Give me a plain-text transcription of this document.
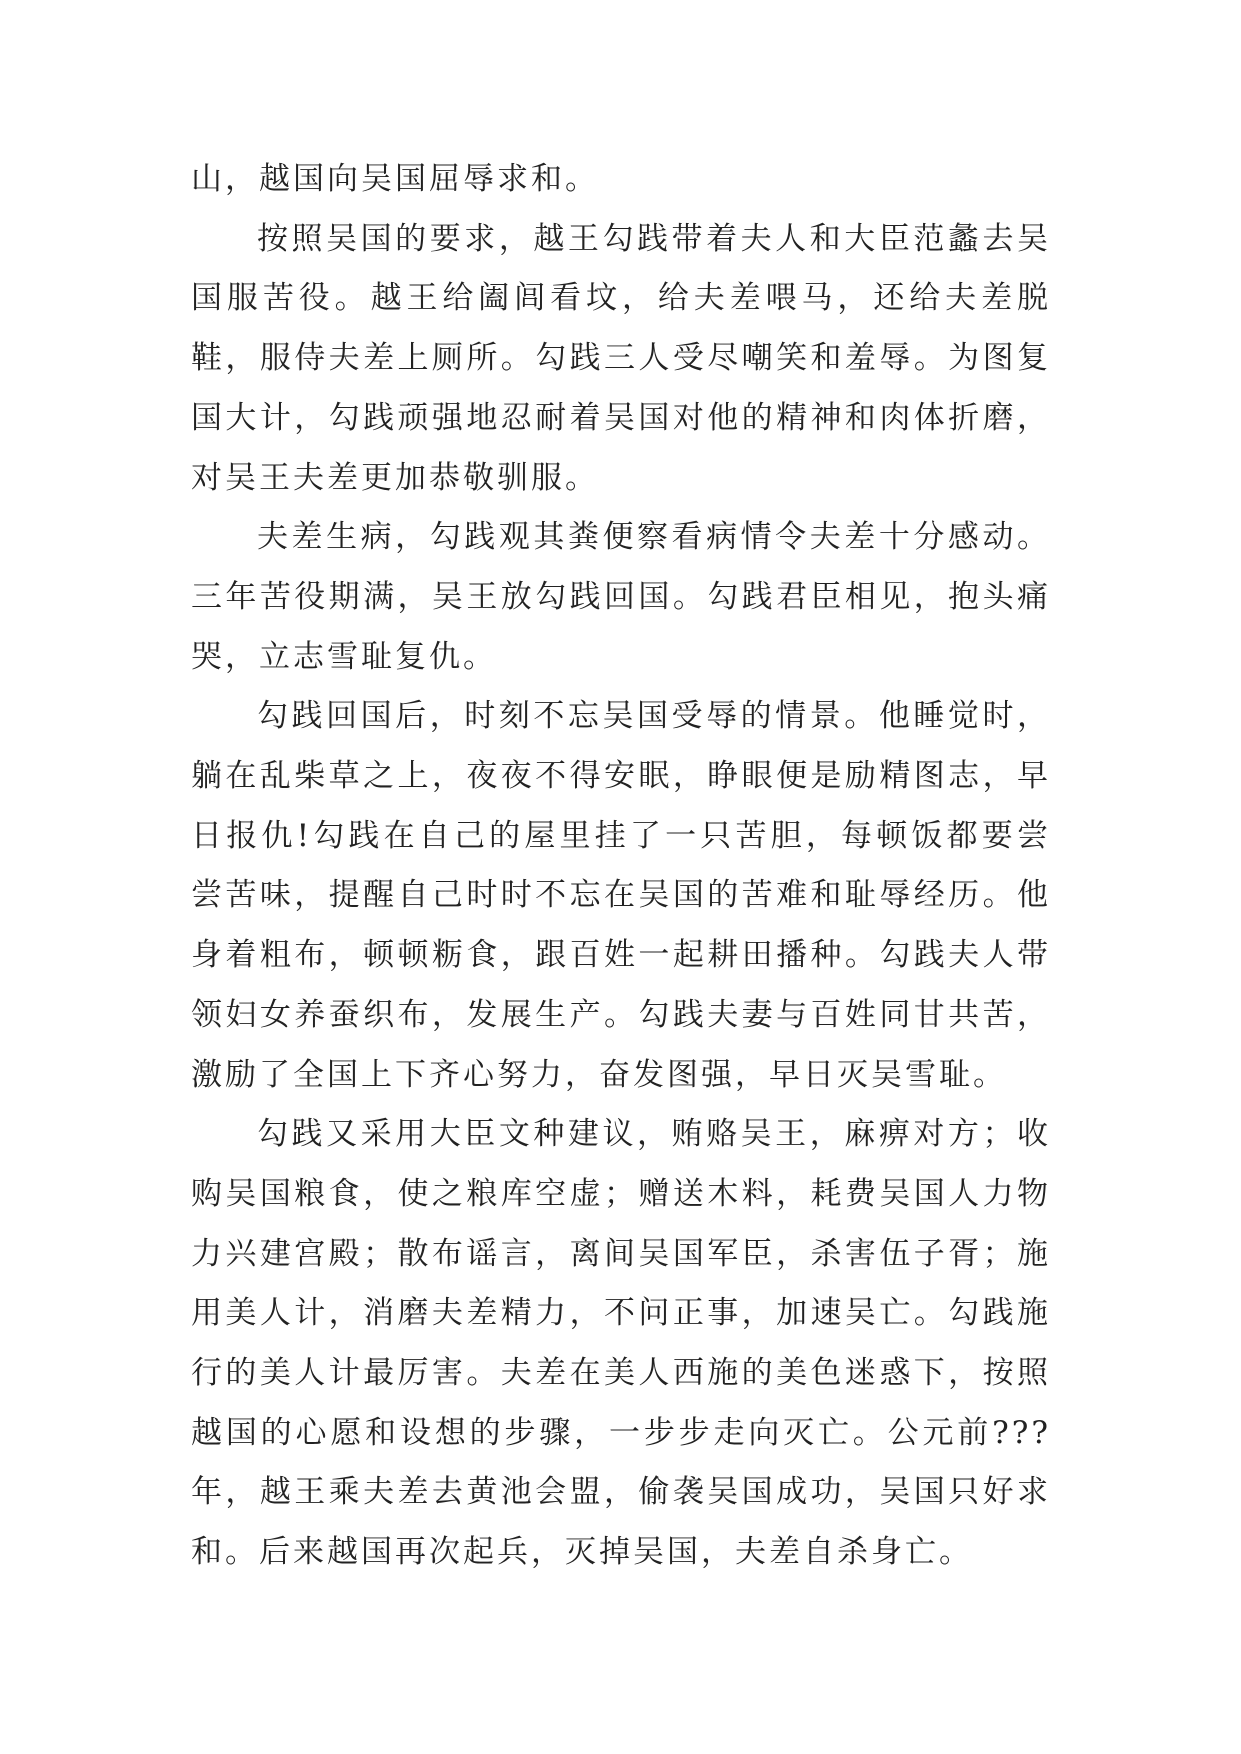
山，越国向吴国屈辱求和。

按照吴国的要求，越王勾践带着夫人和大臣范蠡去吴国服苦役。越王给阖闾看坟，给夫差喂马，还给夫差脱鞋，服侍夫差上厕所。勾践三人受尽嘲笑和羞辱。为图复国大计，勾践顽强地忍耐着吴国对他的精神和肉体折磨，对吴王夫差更加恭敬驯服。

夫差生病，勾践观其粪便察看病情令夫差十分感动。三年苦役期满，吴王放勾践回国。勾践君臣相见，抱头痛哭，立志雪耻复仇。

勾践回国后，时刻不忘吴国受辱的情景。他睡觉时，躺在乱柴草之上，夜夜不得安眠，睁眼便是励精图志，早日报仇!勾践在自己的屋里挂了一只苦胆，每顿饭都要尝尝苦味，提醒自己时时不忘在吴国的苦难和耻辱经历。他身着粗布，顿顿粝食，跟百姓一起耕田播种。勾践夫人带领妇女养蚕织布，发展生产。勾践夫妻与百姓同甘共苦，激励了全国上下齐心努力，奋发图强，早日灭吴雪耻。

勾践又采用大臣文种建议，贿赂吴王，麻痹对方；收购吴国粮食，使之粮库空虚；赠送木料，耗费吴国人力物力兴建宫殿；散布谣言，离间吴国军臣，杀害伍子胥；施用美人计，消磨夫差精力，不问正事，加速吴亡。勾践施行的美人计最厉害。夫差在美人西施的美色迷惑下，按照越国的心愿和设想的步骤，一步步走向灭亡。公元前???年，越王乘夫差去黄池会盟，偷袭吴国成功，吴国只好求和。后来越国再次起兵，灭掉吴国，夫差自杀身亡。
